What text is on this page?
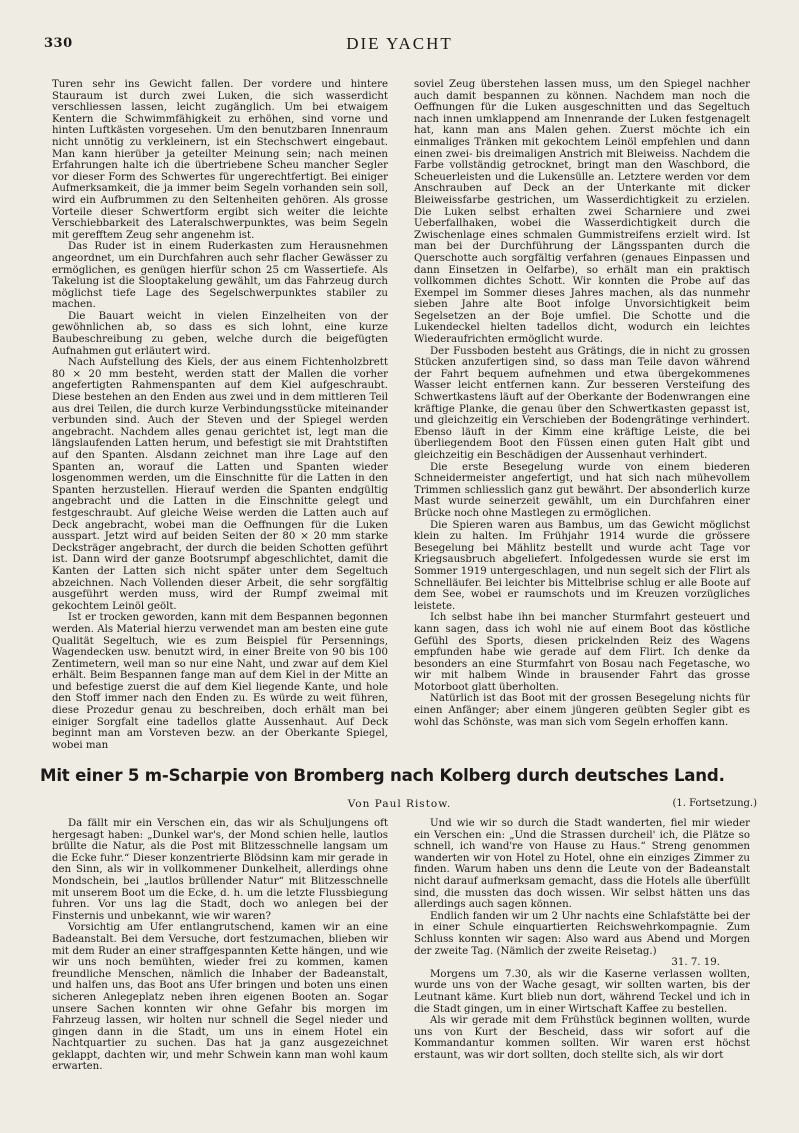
330	DIE YACHT

Turen sehr ins Gewicht fallen. Der vordere und hintere Stauraum ist durch zwei Luken, die sich wasserdicht verschliessen lassen, leicht zugänglich. Um bei etwaigem Kentern die Schwimmfähigkeit zu erhöhen, sind vorne und hinten Luftkästen vorgesehen. Um den benutzbaren Innenraum nicht unnötig zu verkleinern, ist ein Stechschwert eingebaut. Man kann hierüber ja geteilter Meinung sein; nach meinen Erfahrungen halte ich die übertriebene Scheu mancher Segler vor dieser Form des Schwertes für ungerechtfertigt. Bei einiger Aufmerksamkeit, die ja immer beim Segeln vorhanden sein soll, wird ein Aufbrummen zu den Seltenheiten gehören. Als grosse Vorteile dieser Schwertform ergibt sich weiter die leichte Verschiebbarkeit des Lateralschwerpunktes, was beim Segeln mit gerefftem Zeug sehr angenehm ist.

Das Ruder ist in einem Ruderkasten zum Herausnehmen angeordnet, um ein Durchfahren auch sehr flacher Gewässer zu ermöglichen, es genügen hierfür schon 25 cm Wassertiefe. Als Takelung ist die Slooptakelung gewählt, um das Fahrzeug durch möglichst tiefe Lage des Segelschwerpunktes stabiler zu machen.

Die Bauart weicht in vielen Einzelheiten von der gewöhnlichen ab, so dass es sich lohnt, eine kurze Baubeschreibung zu geben, welche durch die beigefügten Aufnahmen gut erläutert wird.

Nach Aufstellung des Kiels, der aus einem Fichtenholzbrett 80 × 20 mm besteht, werden statt der Mallen die vorher angefertigten Rahmenspanten auf dem Kiel aufgeschraubt. Diese bestehen an den Enden aus zwei und in dem mittleren Teil aus drei Teilen, die durch kurze Verbindungsstücke miteinander verbunden sind. Auch der Steven und der Spiegel werden angebracht. Nachdem alles genau gerichtet ist, legt man die längslaufenden Latten herum, und befestigt sie mit Drahtstiften auf den Spanten. Alsdann zeichnet man ihre Lage auf den Spanten an, worauf die Latten und Spanten wieder losgenommen werden, um die Einschnitte für die Latten in den Spanten herzustellen. Hierauf werden die Spanten endgültig angebracht und die Latten in die Einschnitte gelegt und festgeschraubt. Auf gleiche Weise werden die Latten auch auf Deck angebracht, wobei man die Oeffnungen für die Luken ausspart. Jetzt wird auf beiden Seiten der 80 × 20 mm starke Decksträger angebracht, der durch die beiden Schotten geführt ist. Dann wird der ganze Bootsrumpf abgeschlichtet, damit die Kanten der Latten sich nicht später unter dem Segeltuch abzeichnen. Nach Vollenden dieser Arbeit, die sehr sorgfältig ausgeführt werden muss, wird der Rumpf zweimal mit gekochtem Leinöl geölt.

Ist er trocken geworden, kann mit dem Bespannen begonnen werden. Als Material hierzu verwendet man am besten eine gute Qualität Segeltuch, wie es zum Beispiel für Persennings, Wagendecken usw. benutzt wird, in einer Breite von 90 bis 100 Zentimetern, weil man so nur eine Naht, und zwar auf dem Kiel erhält. Beim Bespannen fange man auf dem Kiel in der Mitte an und befestige zuerst die auf dem Kiel liegende Kante, und hole den Stoff immer nach den Enden zu. Es würde zu weit führen, diese Prozedur genau zu beschreiben, doch erhält man bei einiger Sorgfalt eine tadellos glatte Aussenhaut. Auf Deck beginnt man am Vorsteven bezw. an der Oberkante Spiegel, wobei man

soviel Zeug überstehen lassen muss, um den Spiegel nachher auch damit bespannen zu können. Nachdem man noch die Oeffnungen für die Luken ausgeschnitten und das Segeltuch nach innen umklappend am Innenrande der Luken festgenagelt hat, kann man ans Malen gehen. Zuerst möchte ich ein einmaliges Tränken mit gekochtem Leinöl empfehlen und dann einen zwei- bis dreimaligen Anstrich mit Bleiweiss. Nachdem die Farbe vollständig getrocknet, bringt man den Waschbord, die Scheuerleisten und die Lukensülle an. Letztere werden vor dem Anschrauben auf Deck an der Unterkante mit dicker Bleiweissfarbe gestrichen, um Wasserdichtigkeit zu erzielen. Die Luken selbst erhalten zwei Scharniere und zwei Ueberfallhaken, wobei die Wasserdichtigkeit durch die Zwischenlage eines schmalen Gummistreifens erzielt wird. Ist man bei der Durchführung der Längsspanten durch die Querschotte auch sorgfältig verfahren (genaues Einpassen und dann Einsetzen in Oelfarbe), so erhält man ein praktisch vollkommen dichtes Schott. Wir konnten die Probe auf das Exempel im Sommer dieses Jahres machen, als das nunmehr sieben Jahre alte Boot infolge Unvorsichtigkeit beim Segelsetzen an der Boje umfiel. Die Schotte und die Lukendeckel hielten tadellos dicht, wodurch ein leichtes Wiederaufrichten ermöglicht wurde.

Der Fussboden besteht aus Grätings, die in nicht zu grossen Stücken anzufertigen sind, so dass man Teile davon während der Fahrt bequem aufnehmen und etwa übergekommenes Wasser leicht entfernen kann. Zur besseren Versteifung des Schwertkastens läuft auf der Oberkante der Bodenwrangen eine kräftige Planke, die genau über den Schwertkasten gepasst ist, und gleichzeitig ein Verschieben der Bodengrätinge verhindert. Ebenso läuft in der Kimm eine kräftige Leiste, die bei überliegendem Boot den Füssen einen guten Halt gibt und gleichzeitig ein Beschädigen der Aussenhaut verhindert.

Die erste Besegelung wurde von einem biederen Schneidermeister angefertigt, und hat sich nach mühevollem Trimmen schliesslich ganz gut bewährt. Der absonderlich kurze Mast wurde seinerzeit gewählt, um ein Durchfahren einer Brücke noch ohne Mastlegen zu ermöglichen.

Die Spieren waren aus Bambus, um das Gewicht möglichst klein zu halten. Im Frühjahr 1914 wurde die grössere Besegelung bei Mählitz bestellt und wurde acht Tage vor Kriegsausbruch abgeliefert. Infolgedessen wurde sie erst im Sommer 1919 untergeschlagen, und nun segelt sich der Flirt als Schnelläufer. Bei leichter bis Mittelbrise schlug er alle Boote auf dem See, wobei er raumschots und im Kreuzen vorzügliches leistete.

Ich selbst habe ihn bei mancher Sturmfahrt gesteuert und kann sagen, dass ich wohl nie auf einem Boot das köstliche Gefühl des Sports, diesen prickelnden Reiz des Wagens empfunden habe wie gerade auf dem Flirt. Ich denke da besonders an eine Sturmfahrt von Bosau nach Fegetasche, wo wir mit halbem Winde in brausender Fahrt das grosse Motorboot glatt überholten.

Natürlich ist das Boot mit der grossen Besegelung nichts für einen Anfänger; aber einem jüngeren geübten Segler gibt es wohl das Schönste, was man sich vom Segeln erhoffen kann.

Mit einer 5 m-Scharpie von Bromberg nach Kolberg durch deutsches Land.
Von Paul Ristow.	(1. Fortsetzung.)

Da fällt mir ein Verschen ein, das wir als Schuljungens oft hergesagt haben: „Dunkel war's, der Mond schien helle, lautlos brüllte die Natur, als die Post mit Blitzesschnelle langsam um die Ecke fuhr.“ Dieser konzentrierte Blödsinn kam mir gerade in den Sinn, als wir in vollkommener Dunkelheit, allerdings ohne Mondschein, bei „lautlos brüllender Natur“ mit Blitzesschnelle mit unserem Boot um die Ecke, d. h. um die letzte Flussbiegung fuhren. Vor uns lag die Stadt, doch wo anlegen bei der Finsternis und unbekannt, wie wir waren?

Vorsichtig am Ufer entlangrutschend, kamen wir an eine Badeanstalt. Bei dem Versuche, dort festzumachen, blieben wir mit dem Ruder an einer straffgespannten Kette hängen, und wie wir uns noch bemühten, wieder frei zu kommen, kamen freundliche Menschen, nämlich die Inhaber der Badeanstalt, und halfen uns, das Boot ans Ufer bringen und boten uns einen sicheren Anlegeplatz neben ihren eigenen Booten an. Sogar unsere Sachen konnten wir ohne Gefahr bis morgen im Fahrzeug lassen, wir holten nur schnell die Segel nieder und gingen dann in die Stadt, um uns in einem Hotel ein Nachtquartier zu suchen. Das hat ja ganz ausgezeichnet geklappt, dachten wir, und mehr Schwein kann man wohl kaum erwarten.

Und wie wir so durch die Stadt wanderten, fiel mir wieder ein Verschen ein: „Und die Strassen durcheil' ich, die Plätze so schnell, ich wand're von Hause zu Haus.“ Streng genommen wanderten wir von Hotel zu Hotel, ohne ein einziges Zimmer zu finden. Warum haben uns denn die Leute von der Badeanstalt nicht darauf aufmerksam gemacht, dass die Hotels alle überfüllt sind, die mussten das doch wissen. Wir selbst hätten uns das allerdings auch sagen können.

Endlich fanden wir um 2 Uhr nachts eine Schlafstätte bei der in einer Schule einquartierten Reichswehrkompagnie. Zum Schluss konnten wir sagen: Also ward aus Abend und Morgen der zweite Tag. (Nämlich der zweite Reisetag.)

31. 7. 19.

Morgens um 7.30, als wir die Kaserne verlassen wollten, wurde uns von der Wache gesagt, wir sollten warten, bis der Leutnant käme. Kurt blieb nun dort, während Teckel und ich in die Stadt gingen, um in einer Wirtschaft Kaffee zu bestellen.

Als wir gerade mit dem Frühstück beginnen wollten, wurde uns von Kurt der Bescheid, dass wir sofort auf die Kommandantur kommen sollten. Wir waren erst höchst erstaunt, was wir dort sollten, doch stellte sich, als wir dort
